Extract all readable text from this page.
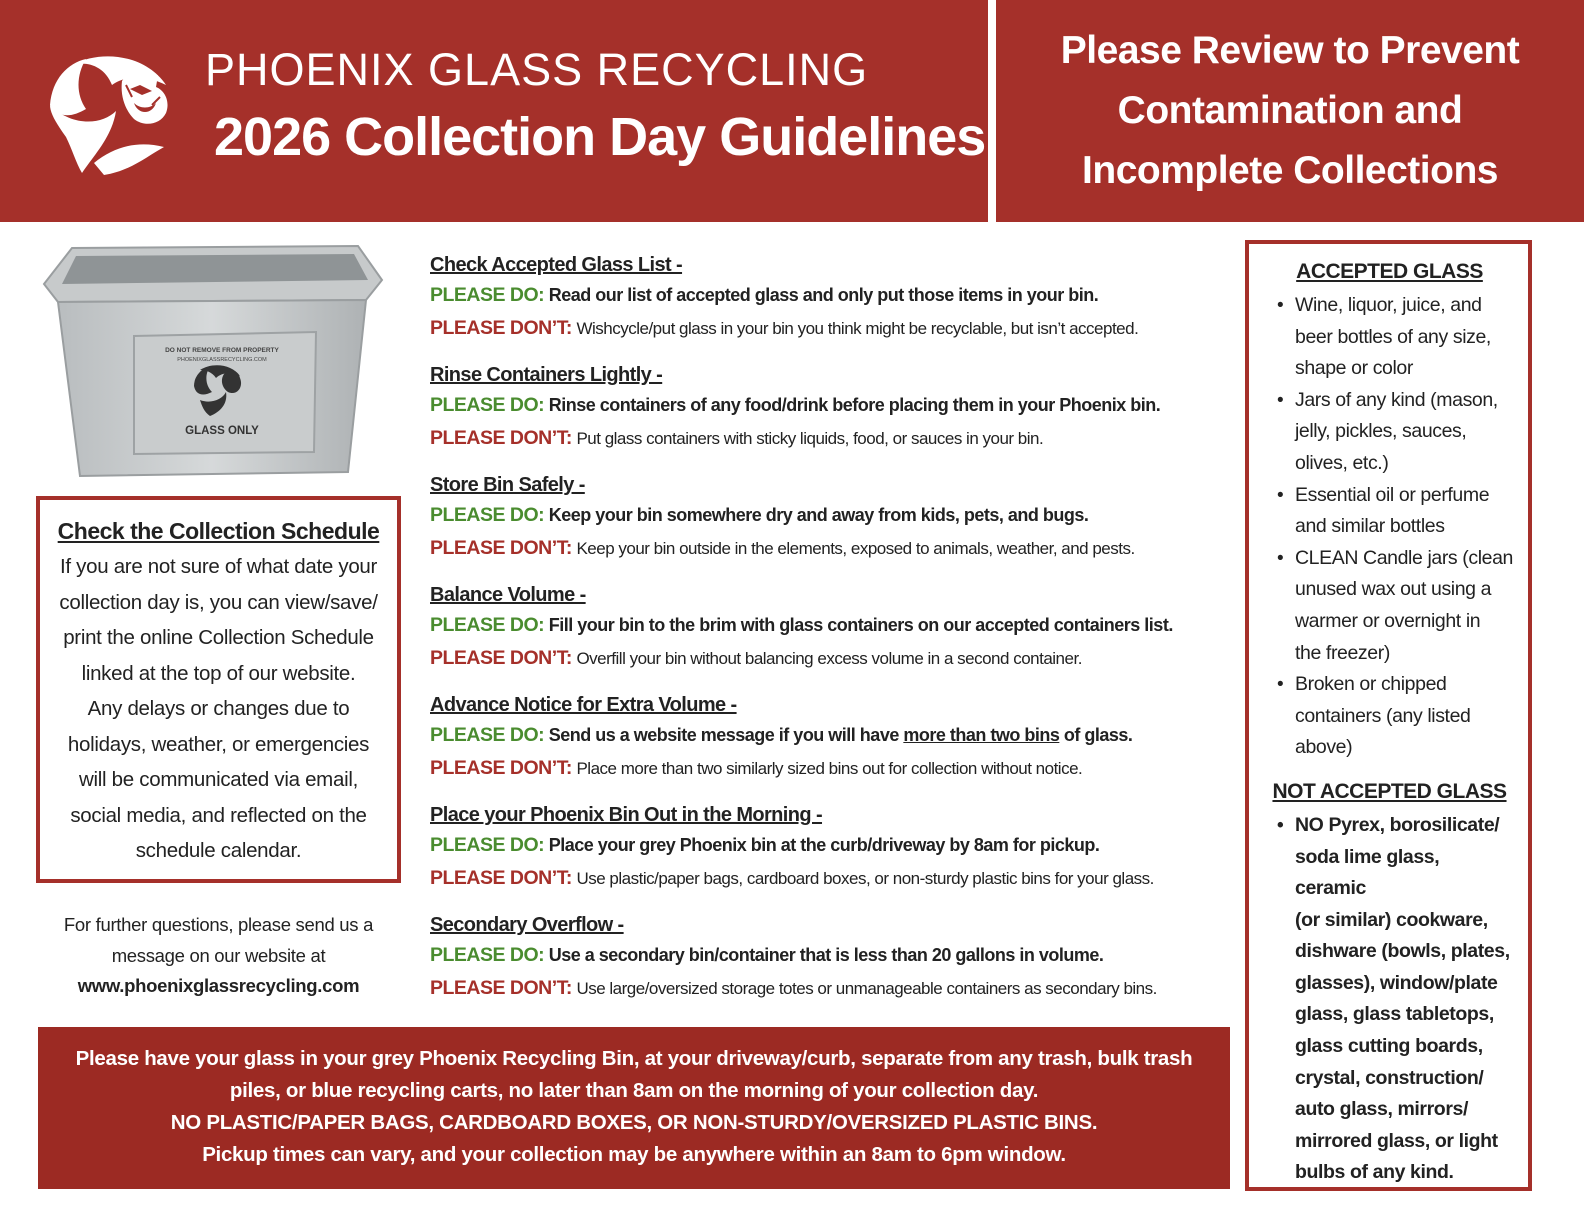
PHOENIX GLASS RECYCLING
2026 Collection Day Guidelines
Please Review to Prevent
Contamination and
Incomplete Collections
DO NOT REMOVE FROM PROPERTY
PHOENIXGLASSRECYCLING.COM
GLASS ONLY
Check the Collection Schedule
If you are not sure of what date your
collection day is, you can view/save/
print the online Collection Schedule
linked at the top of our website.
Any delays or changes due to
holidays, weather, or emergencies
will be communicated via email,
social media, and reflected on the
schedule calendar.
For further questions, please send us a
message on our website at
www.phoenixglassrecycling.com
Check Accepted Glass List -
PLEASE DO: Read our list of accepted glass and only put those items in your bin.
PLEASE DON’T: Wishcycle/put glass in your bin you think might be recyclable, but isn’t accepted.
Rinse Containers Lightly -
PLEASE DO: Rinse containers of any food/drink before placing them in your Phoenix bin.
PLEASE DON’T: Put glass containers with sticky liquids, food, or sauces in your bin.
Store Bin Safely -
PLEASE DO: Keep your bin somewhere dry and away from kids, pets, and bugs.
PLEASE DON’T: Keep your bin outside in the elements, exposed to animals, weather, and pests.
Balance Volume -
PLEASE DO: Fill your bin to the brim with glass containers on our accepted containers list.
PLEASE DON’T: Overfill your bin without balancing excess volume in a second container.
Advance Notice for Extra Volume -
PLEASE DO: Send us a website message if you will have more than two bins of glass.
PLEASE DON’T: Place more than two similarly sized bins out for collection without notice.
Place your Phoenix Bin Out in the Morning -
PLEASE DO: Place your grey Phoenix bin at the curb/driveway by 8am for pickup.
PLEASE DON’T: Use plastic/paper bags, cardboard boxes, or non-sturdy plastic bins for your glass.
Secondary Overflow -
PLEASE DO: Use a secondary bin/container that is less than 20 gallons in volume.
PLEASE DON’T: Use large/oversized storage totes or unmanageable containers as secondary bins.
ACCEPTED GLASS
• Wine, liquor, juice, and
beer bottles of any size,
shape or color
• Jars of any kind (mason,
jelly, pickles, sauces,
olives, etc.)
• Essential oil or perfume
and similar bottles
• CLEAN Candle jars (clean
unused wax out using a
warmer or overnight in
the freezer)
• Broken or chipped
containers (any listed
above)
NOT ACCEPTED GLASS
• NO Pyrex, borosilicate/
soda lime glass, ceramic
(or similar) cookware,
dishware (bowls, plates,
glasses), window/plate
glass, glass tabletops,
glass cutting boards,
crystal, construction/
auto glass, mirrors/
mirrored glass, or light
bulbs of any kind.
Please have your glass in your grey Phoenix Recycling Bin, at your driveway/curb, separate from any trash, bulk trash
piles, or blue recycling carts, no later than 8am on the morning of your collection day.
NO PLASTIC/PAPER BAGS, CARDBOARD BOXES, OR NON-STURDY/OVERSIZED PLASTIC BINS.
Pickup times can vary, and your collection may be anywhere within an 8am to 6pm window.
